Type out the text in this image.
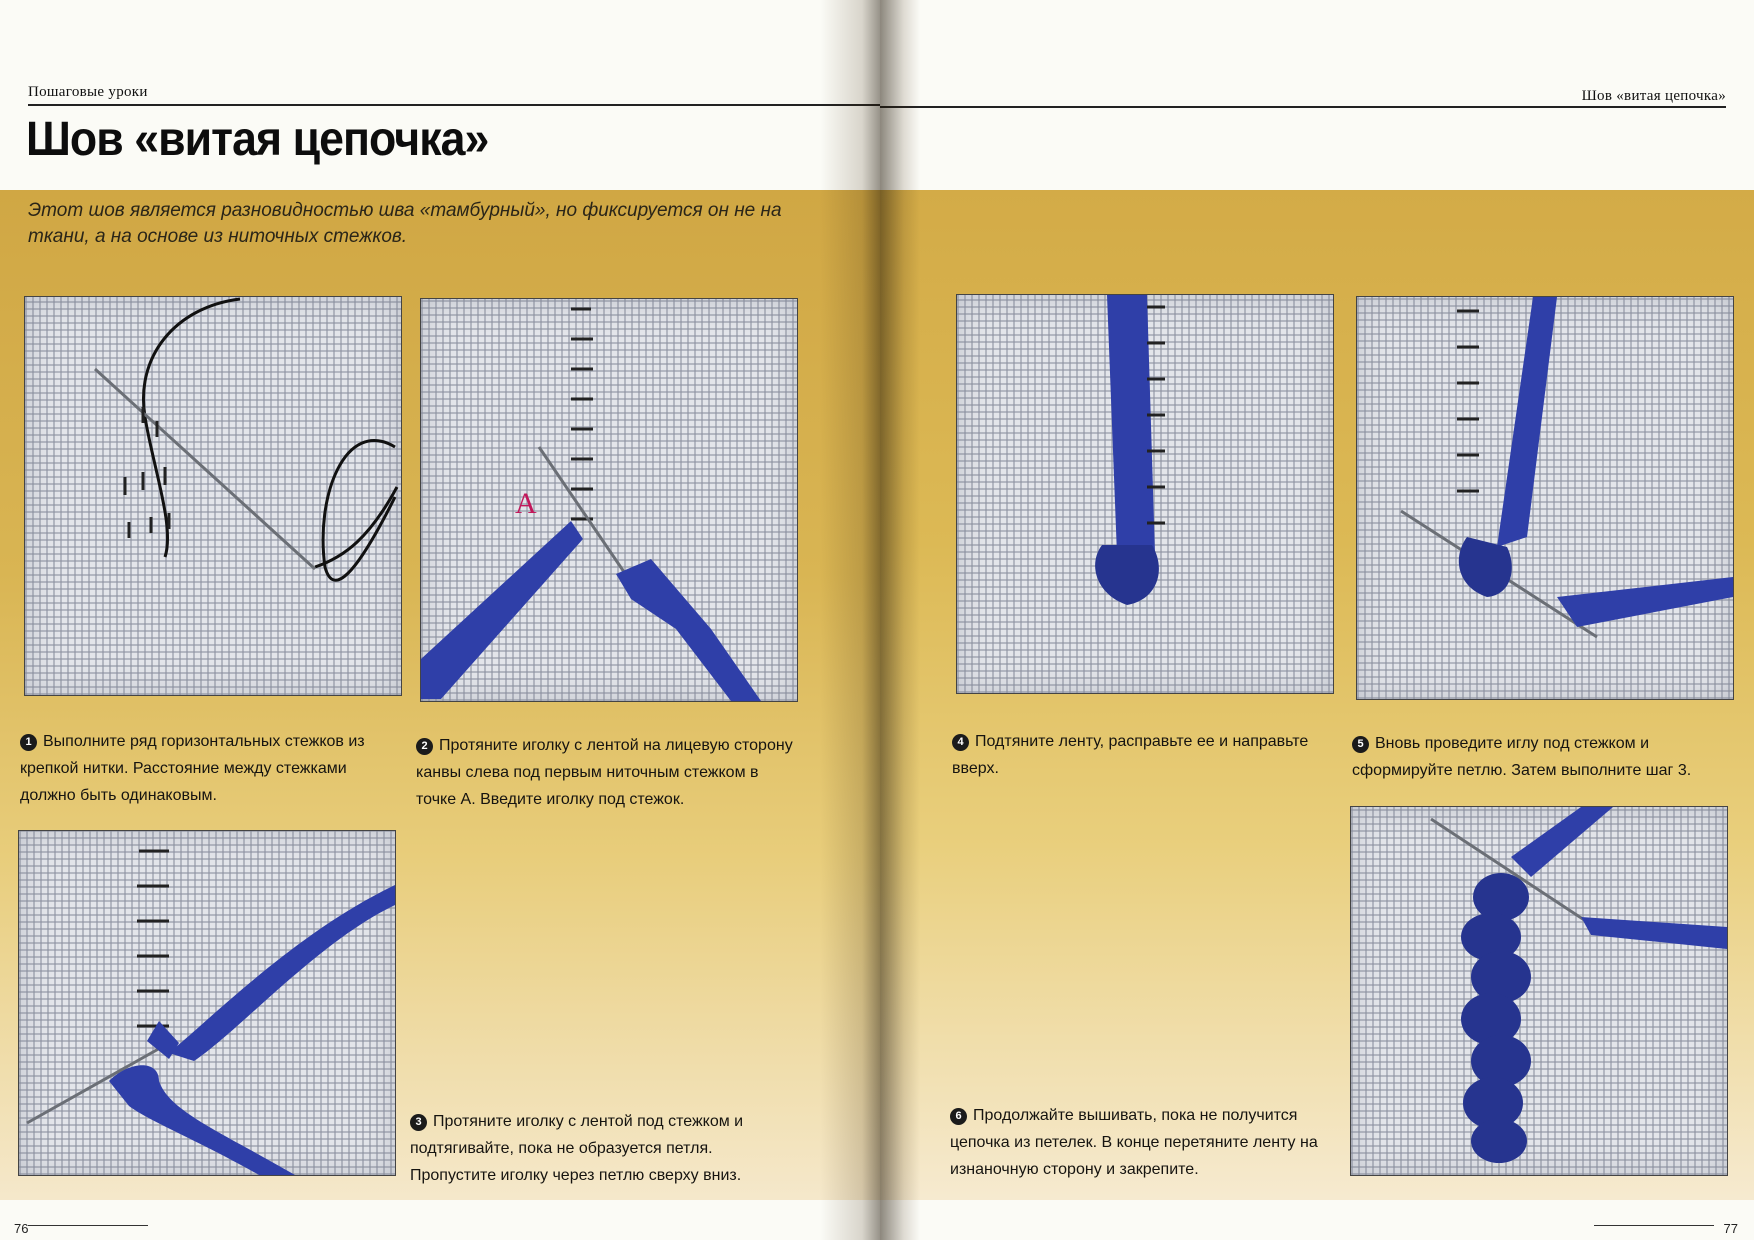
Пошаговые уроки
Шов «витая цепочка»
Этот шов является разновидностью шва «тамбурный», но фиксируется он не на ткани, а на основе из ниточных стежков.
А
1 Выполните ряд горизонтальных стежков из крепкой нитки. Расстояние между стежками должно быть одинаковым.
2 Протяните иголку с лентой на лицевую сторону канвы слева под первым ниточным стежком в точке А. Введите иголку под стежок.
3 Протяните иголку с лентой под стежком и подтягивайте, пока не образуется петля. Пропустите иголку через петлю сверху вниз.
76
Шов «витая цепочка»
4 Подтяните ленту, расправьте ее и направьте вверх.
5 Вновь проведите иглу под стежком и сформируйте петлю. Затем выполните шаг 3.
6 Продолжайте вышивать, пока не получится цепочка из петелек. В конце перетяните ленту на изнаночную сторону и закрепите.
77
